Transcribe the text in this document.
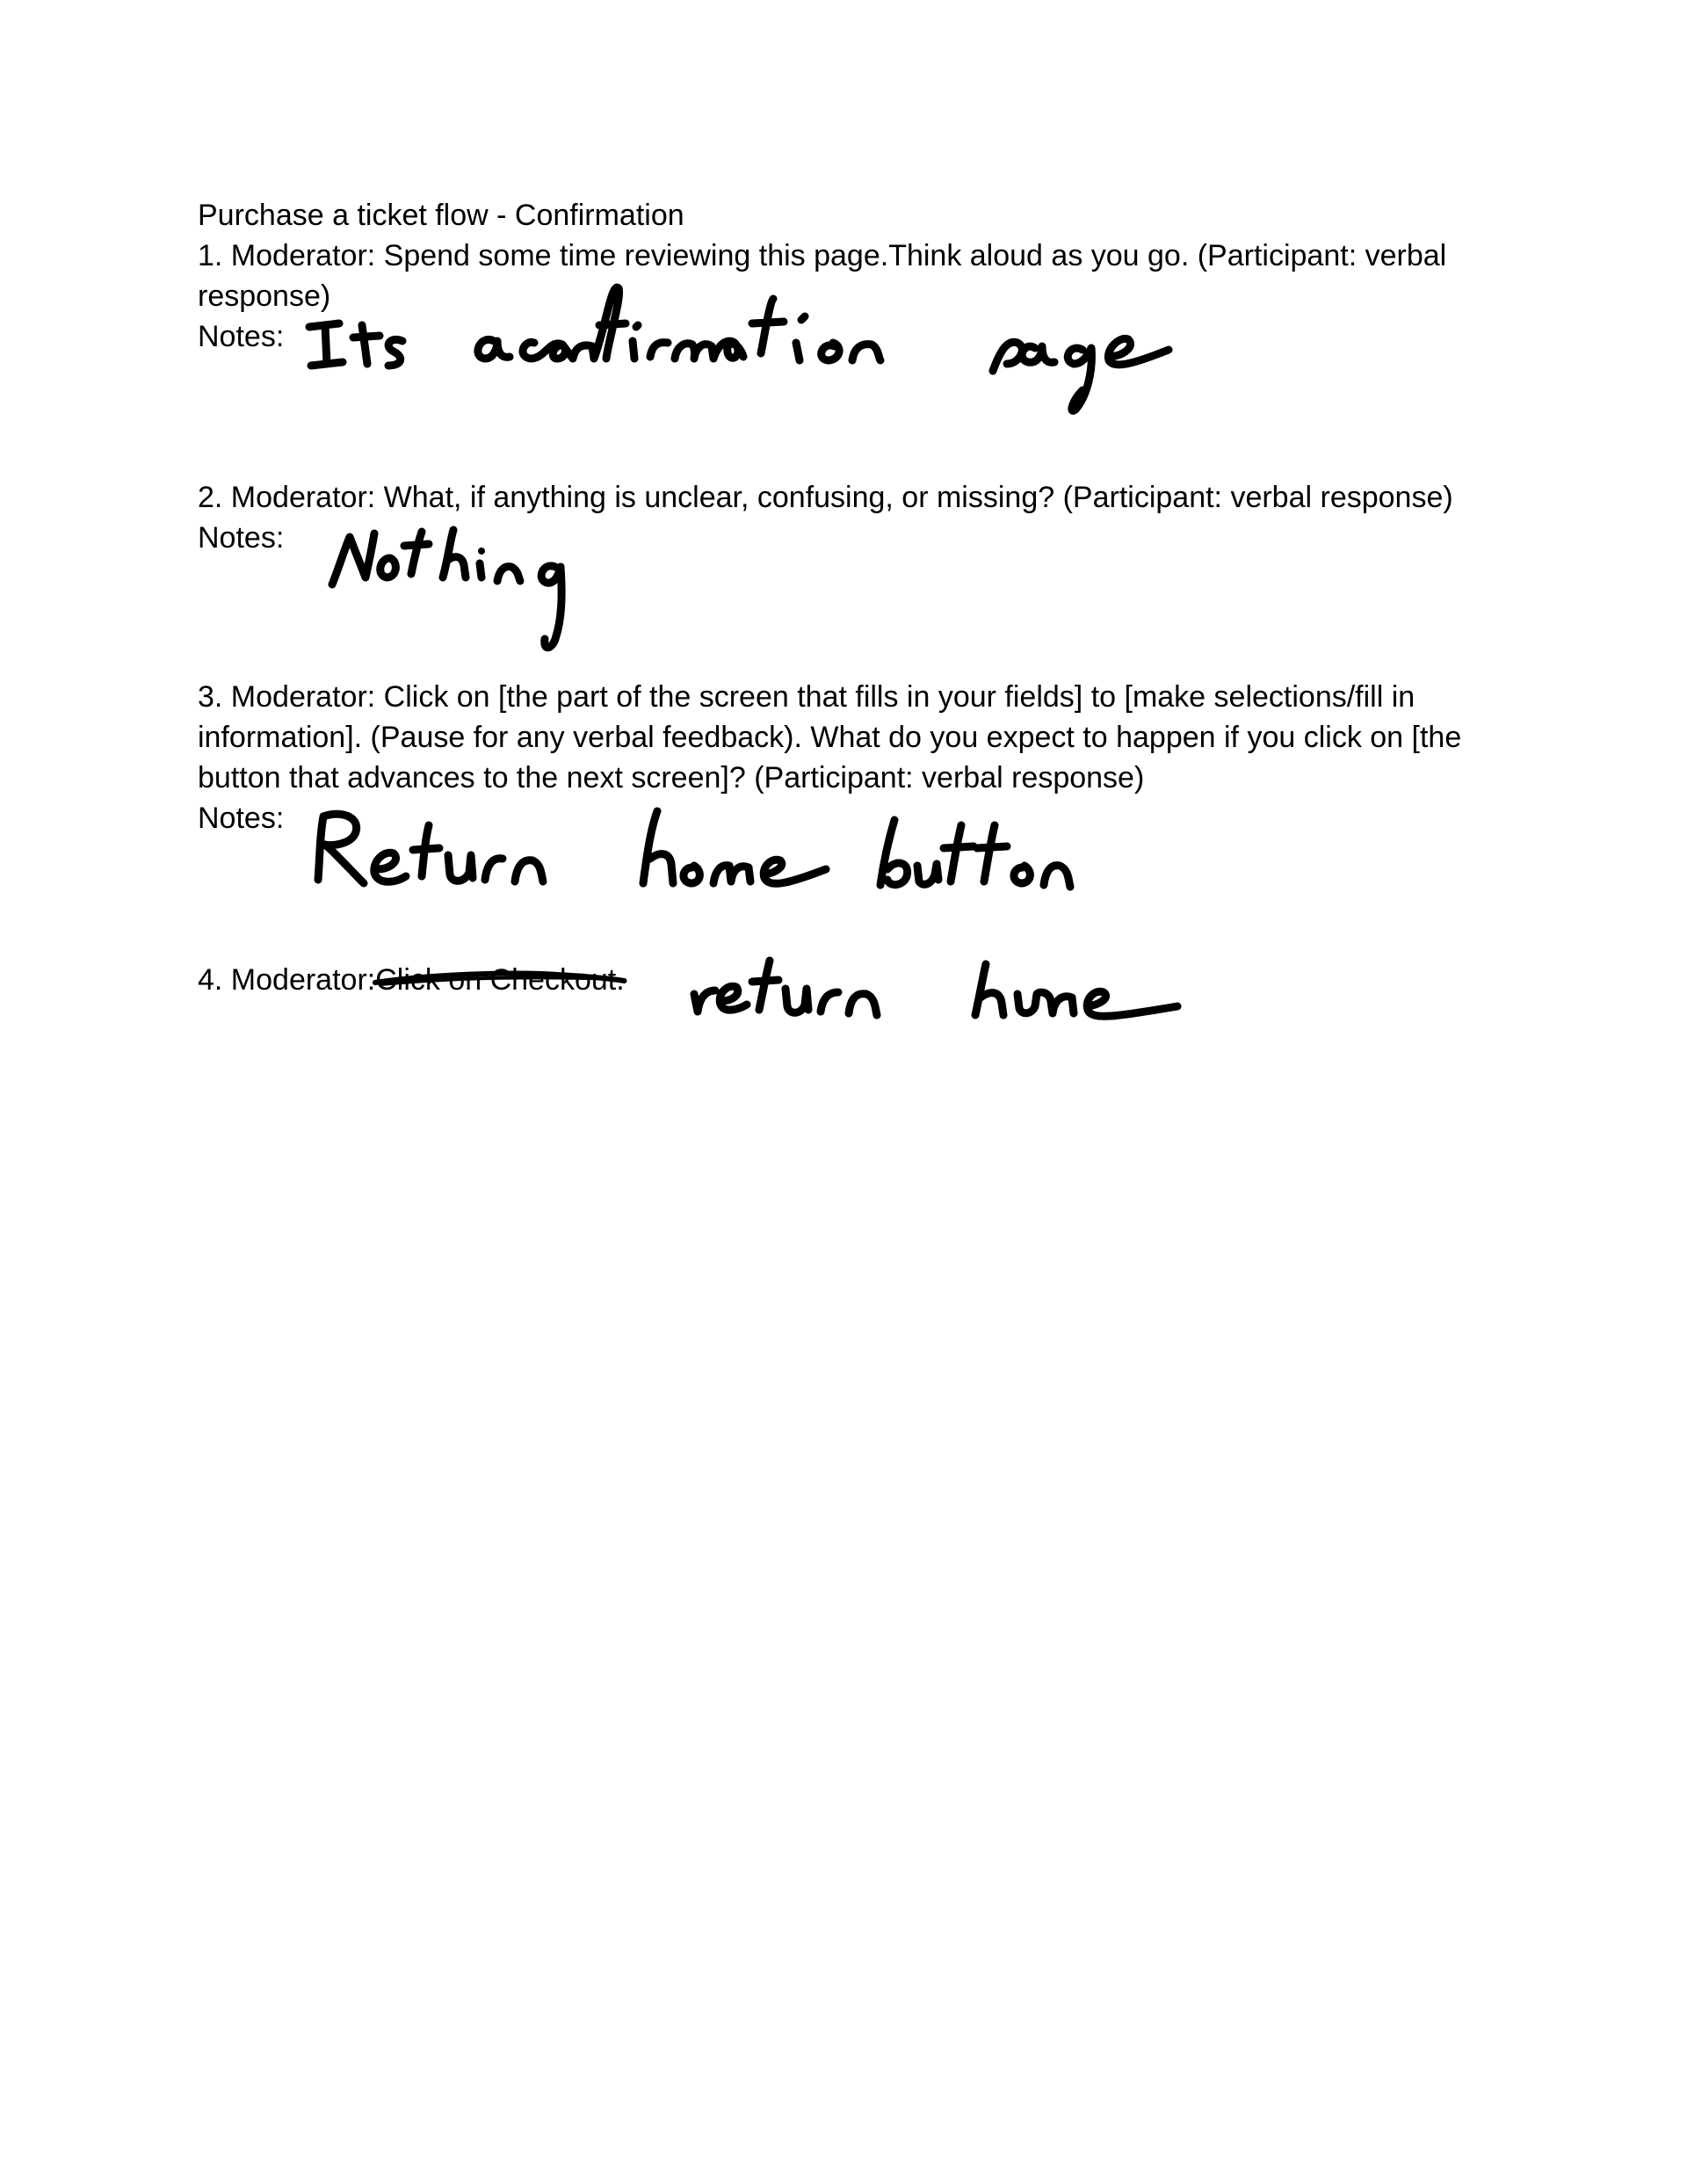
Purchase a ticket flow - Confirmation

1. Moderator: Spend some time reviewing this page.Think aloud as you go. (Participant: verbal

response)

Notes:

2. Moderator: What, if anything is unclear, confusing, or missing? (Participant: verbal response)

Notes:

3. Moderator: Click on [the part of the screen that fills in your fields] to [make selections/fill in

information]. (Pause for any verbal feedback). What do you expect to happen if you click on [the

button that advances to the next screen]? (Participant: verbal response)

Notes:

4. Moderator:Click on Checkout.
